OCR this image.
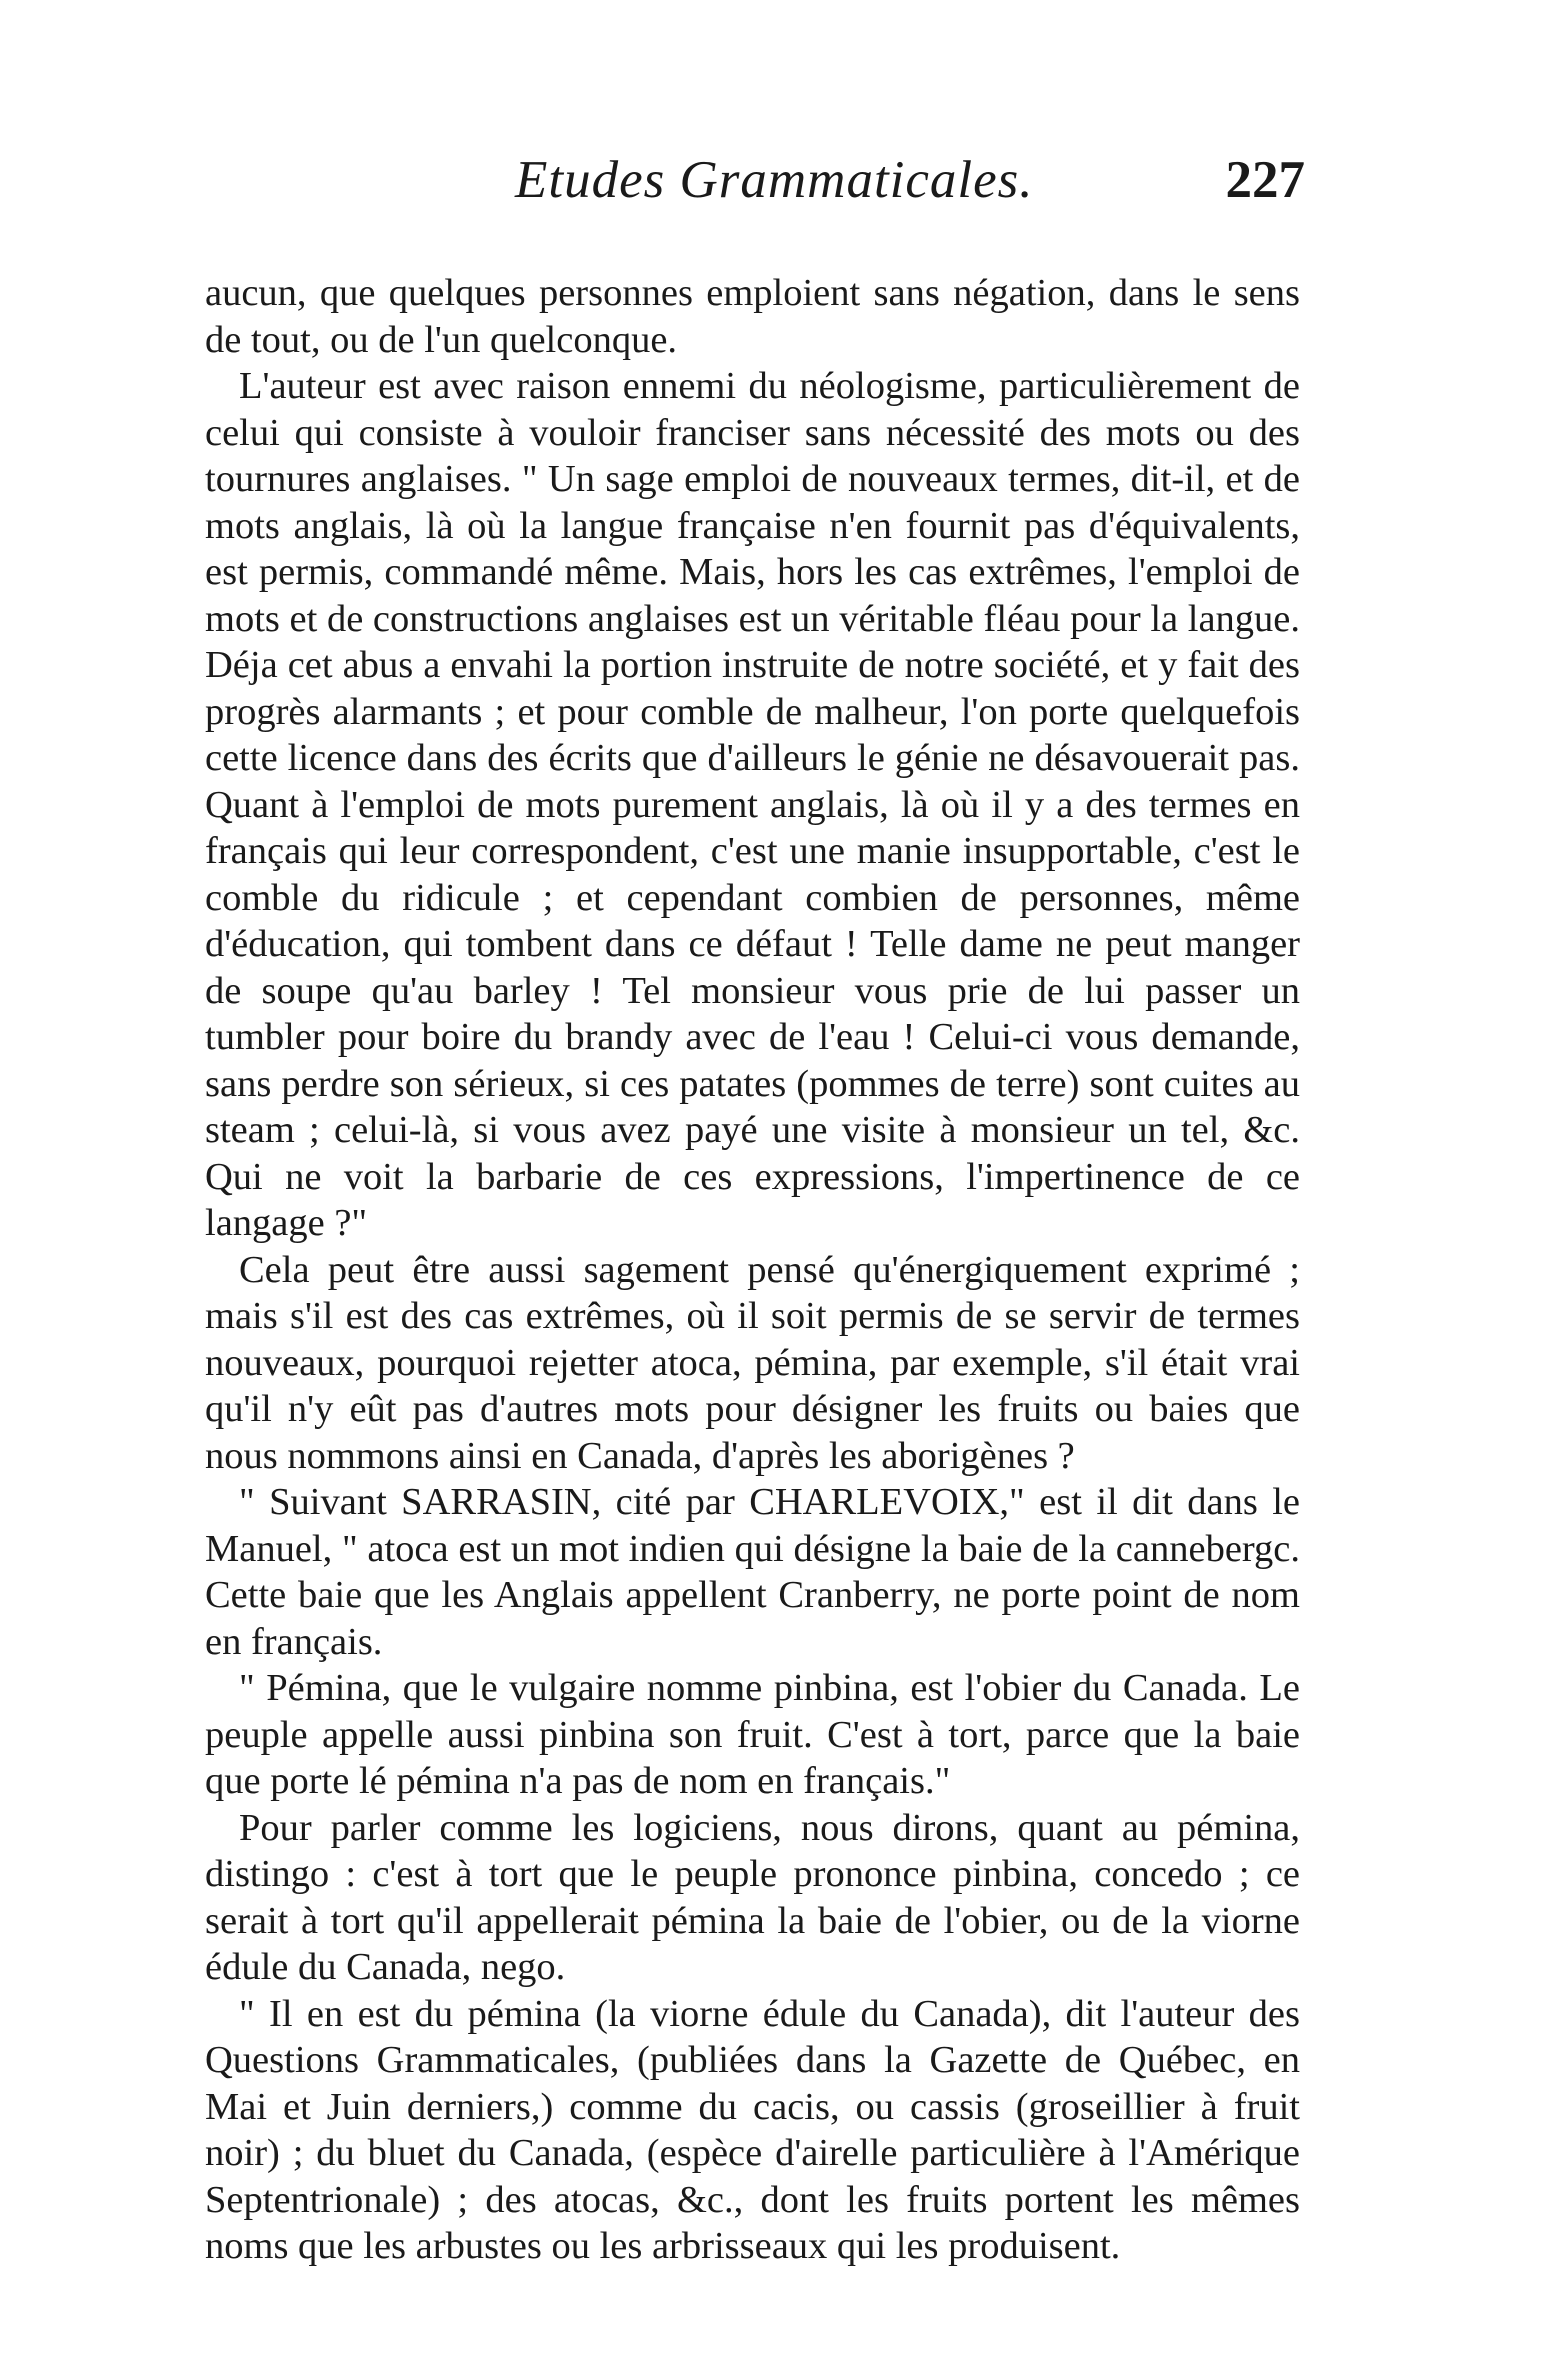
Etudes Grammaticales.	227

aucun, que quelques personnes emploient sans négation, dans le sens de tout, ou de l'un quelconque.

L'auteur est avec raison ennemi du néologisme, particulièrement de celui qui consiste à vouloir franciser sans nécessité des mots ou des tournures anglaises. " Un sage emploi de nouveaux termes, dit-il, et de mots anglais, là où la langue française n'en fournit pas d'équivalents, est permis, commandé même. Mais, hors les cas extrêmes, l'emploi de mots et de constructions anglaises est un véritable fléau pour la langue. Déja cet abus a envahi la portion instruite de notre société, et y fait des progrès alarmants ; et pour comble de malheur, l'on porte quelquefois cette licence dans des écrits que d'ailleurs le génie ne désavouerait pas. Quant à l'emploi de mots purement anglais, là où il y a des termes en français qui leur correspondent, c'est une manie insupportable, c'est le comble du ridicule ; et cependant combien de personnes, même d'éducation, qui tombent dans ce défaut ! Telle dame ne peut manger de soupe qu'au barley ! Tel monsieur vous prie de lui passer un tumbler pour boire du brandy avec de l'eau ! Celui-ci vous demande, sans perdre son sérieux, si ces patates (pommes de terre) sont cuites au steam ; celui-là, si vous avez payé une visite à monsieur un tel, &c. Qui ne voit la barbarie de ces expressions, l'impertinence de ce langage ?"

Cela peut être aussi sagement pensé qu'énergiquement exprimé ; mais s'il est des cas extrêmes, où il soit permis de se servir de termes nouveaux, pourquoi rejetter atoca, pémina, par exemple, s'il était vrai qu'il n'y eût pas d'autres mots pour désigner les fruits ou baies que nous nommons ainsi en Canada, d'après les aborigènes ?

" Suivant SARRASIN, cité par CHARLEVOIX," est il dit dans le Manuel, " atoca est un mot indien qui désigne la baie de la cannebergc. Cette baie que les Anglais appellent Cranberry, ne porte point de nom en français.

" Pémina, que le vulgaire nomme pinbina, est l'obier du Canada. Le peuple appelle aussi pinbina son fruit. C'est à tort, parce que la baie que porte lé pémina n'a pas de nom en français."

Pour parler comme les logiciens, nous dirons, quant au pémina, distingo : c'est à tort que le peuple prononce pinbina, concedo ; ce serait à tort qu'il appellerait pémina la baie de l'obier, ou de la viorne édule du Canada, nego.

" Il en est du pémina (la viorne édule du Canada), dit l'auteur des Questions Grammaticales, (publiées dans la Gazette de Québec, en Mai et Juin derniers,) comme du cacis, ou cassis (groseillier à fruit noir) ; du bluet du Canada, (espèce d'airelle particulière à l'Amérique Septentrionale) ; des atocas, &c., dont les fruits portent les mêmes noms que les arbustes ou les arbrisseaux qui les produisent.
